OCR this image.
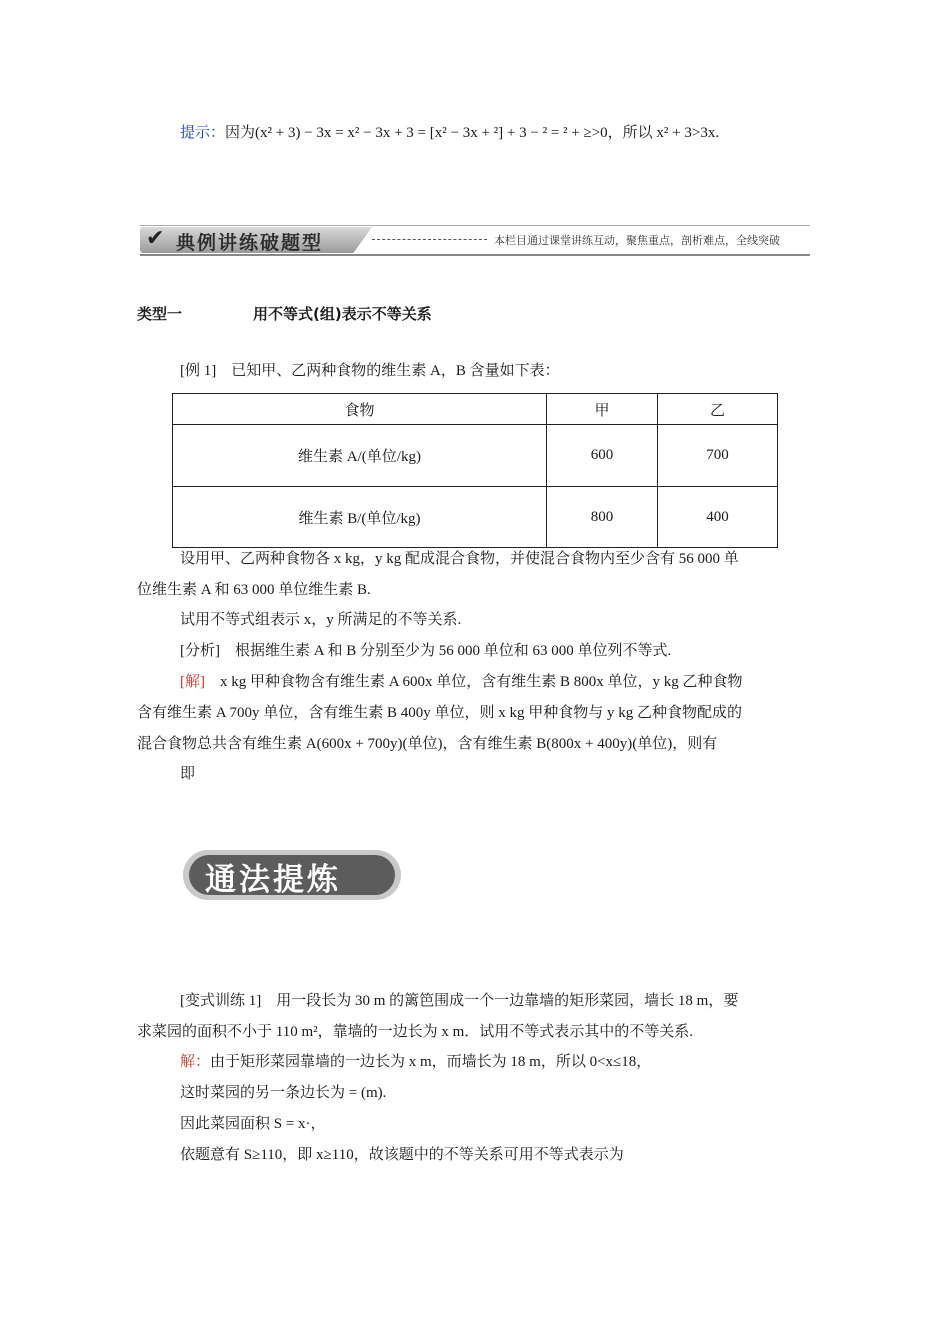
提示：因为(x² + 3) − 3x = x² − 3x + 3 = [x² − 3x + ²] + 3 − ² = ² + ≥>0，所以 x² + 3>3x.
✔ 典例讲练破题型	本栏目通过课堂讲练互动，聚焦重点，剖析难点，全线突破
类型一	用不等式(组)表示不等关系
[例 1]　已知甲、乙两种食物的维生素 A，B 含量如下表：
食物	甲	乙
维生素 A/(单位/kg)	600	700
维生素 B/(单位/kg)	800	400
设用甲、乙两种食物各 x kg，y kg 配成混合食物，并使混合食物内至少含有 56 000 单
位维生素 A 和 63 000 单位维生素 B.
试用不等式组表示 x，y 所满足的不等关系.
[分析]　根据维生素 A 和 B 分别至少为 56 000 单位和 63 000 单位列不等式.
[解]　 x kg 甲种食物含有维生素 A 600x 单位，含有维生素 B 800x 单位，y kg 乙种食物
含有维生素 A 700y 单位，含有维生素 B 400y 单位，则 x kg 甲种食物与 y kg 乙种食物配成的
混合食物总共含有维生素 A(600x + 700y)(单位)，含有维生素 B(800x + 400y)(单位)，则有
即
通法提炼
[变式训练 1]　用一段长为 30 m 的篱笆围成一个一边靠墙的矩形菜园，墙长 18 m，要
求菜园的面积不小于 110 m²，靠墙的一边长为 x m．试用不等式表示其中的不等关系.
解：由于矩形菜园靠墙的一边长为 x m，而墙长为 18 m，所以 0<x≤18，
这时菜园的另一条边长为 = (m).
因此菜园面积 S = x·，
依题意有 S≥110，即 x≥110，故该题中的不等关系可用不等式表示为
